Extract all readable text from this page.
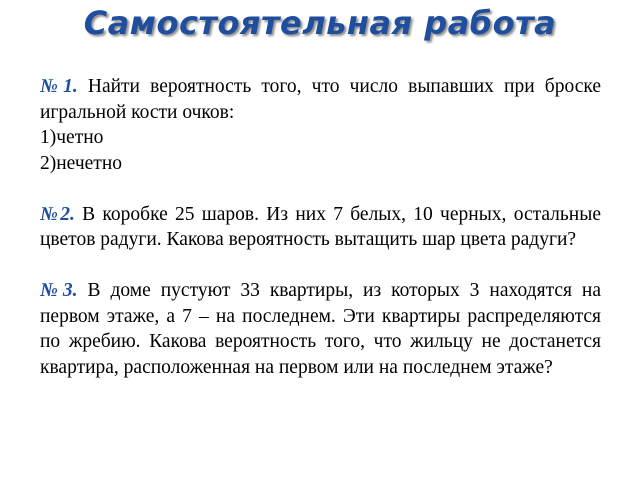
Самостоятельная работа

№1. Найти вероятность того, что число выпавших при броске игральной кости очков:
1)четно
2)нечетно

№2. В коробке 25 шаров. Из них 7 белых, 10 черных, остальные цветов радуги. Какова вероятность вытащить шар цвета радуги?

№3. В доме пустуют 33 квартиры, из которых 3 находятся на первом этаже, а 7 – на последнем. Эти квартиры распределяются по жребию. Какова вероятность того, что жильцу не достанется квартира, расположенная на первом или на последнем этаже?
